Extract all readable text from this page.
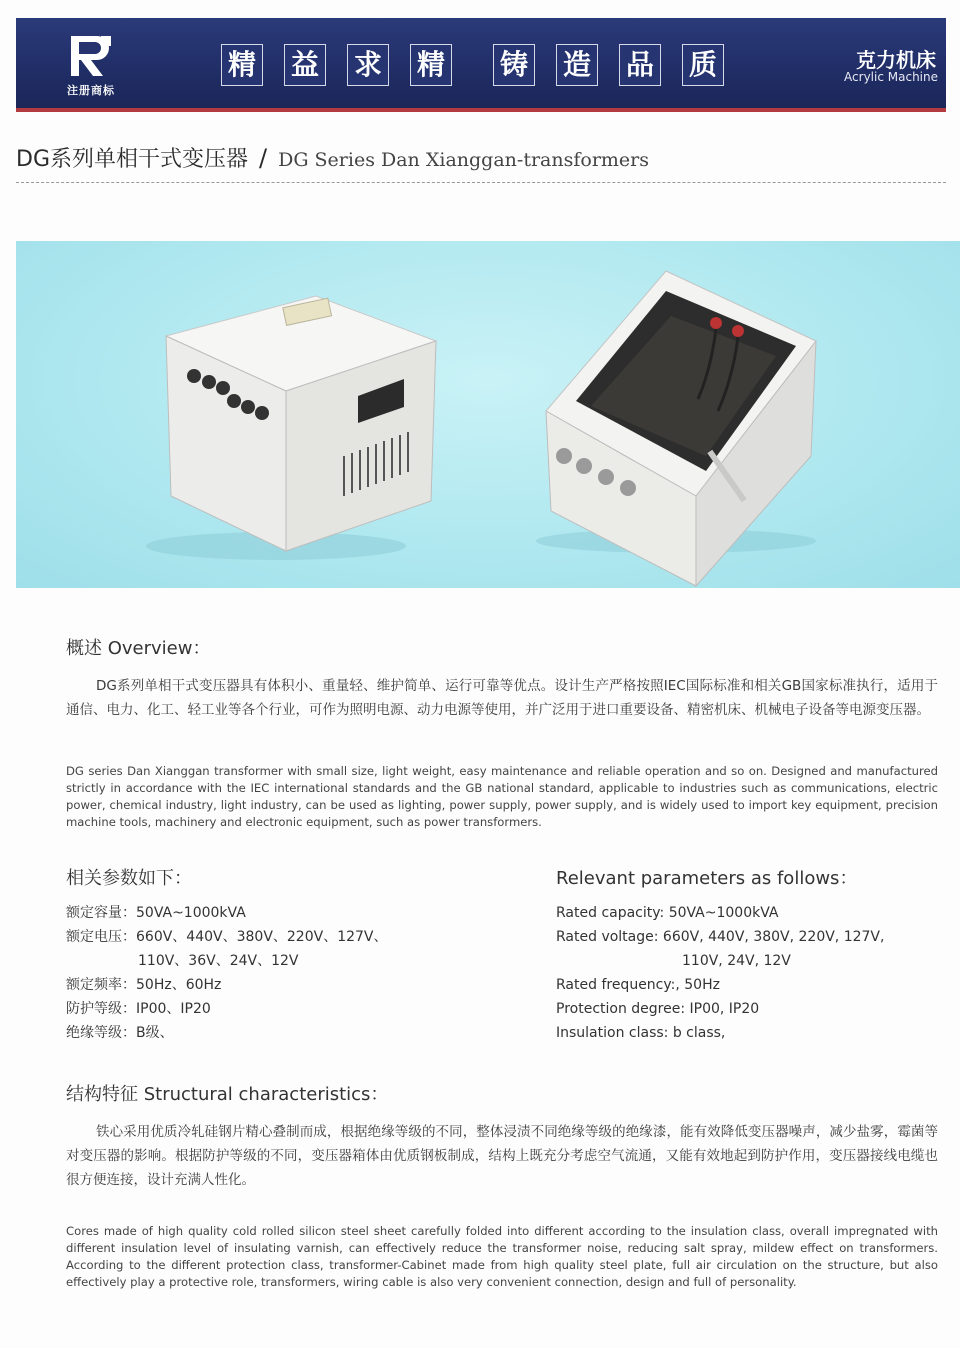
注册商标
精 益 求 精 铸 造 品 质	克力机床
Acrylic Machine
DG系列单相干式变压器 / DG Series Dan Xianggan-transformers
概述 Overview：
DG系列单相干式变压器具有体积小、重量轻、维护简单、运行可靠等优点。设计生产严格按照IEC国际标准和相关GB国家标准执行，适用于通信、电力、化工、轻工业等各个行业，可作为照明电源、动力电源等使用，并广泛用于进口重要设备、精密机床、机械电子设备等电源变压器。
DG series Dan Xianggan transformer with small size, light weight, easy maintenance and reliable operation and so on. Designed and manufactured strictly in accordance with the IEC international standards and the GB national standard, applicable to industries such as communications, electric power, chemical industry, light industry, can be used as lighting, power supply, power supply, and is widely used to import key equipment, precision machine tools, machinery and electronic equipment, such as power transformers.
相关参数如下：	Relevant parameters as follows：
额定容量：50VA~1000kVA
额定电压：660V、440V、380V、220V、127V、
110V、36V、24V、12V
额定频率：50Hz、60Hz
防护等级：IP00、IP20
绝缘等级：B级、
Rated capacity: 50VA~1000kVA
Rated voltage: 660V, 440V, 380V, 220V, 127V,
110V, 24V, 12V
Rated frequency:, 50Hz
Protection degree: IP00, IP20
Insulation class: b class,
结构特征 Structural characteristics：
铁心采用优质冷轧硅钢片精心叠制而成，根据绝缘等级的不同，整体浸渍不同绝缘等级的绝缘漆，能有效降低变压器噪声，减少盐雾，霉菌等对变压器的影响。根据防护等级的不同，变压器箱体由优质钢板制成，结构上既充分考虑空气流通，又能有效地起到防护作用，变压器接线电缆也很方便连接，设计充满人性化。
Cores made of high quality cold rolled silicon steel sheet carefully folded into different according to the insulation class, overall impregnated with different insulation level of insulating varnish, can effectively reduce the transformer noise, reducing salt spray, mildew effect on transformers. According to the different protection class, transformer-Cabinet made from high quality steel plate, full air circulation on the structure, but also effectively play a protective role, transformers, wiring cable is also very convenient connection, design and full of personality.
